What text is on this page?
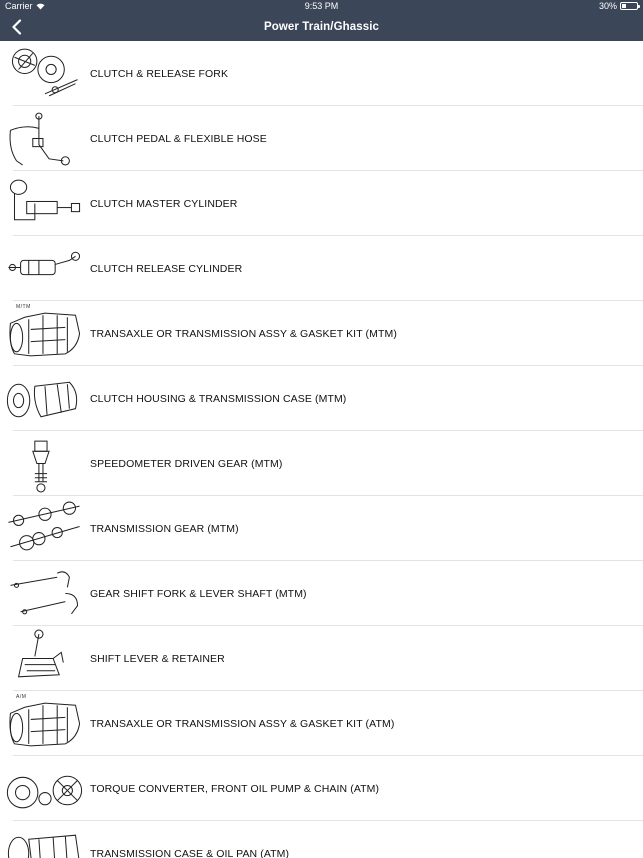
Carrier	9:53 PM	30%
Power Train/Ghassic
CLUTCH & RELEASE FORK
CLUTCH PEDAL & FLEXIBLE HOSE
CLUTCH MASTER CYLINDER
CLUTCH RELEASE CYLINDER
M/TM
TRANSAXLE OR TRANSMISSION ASSY & GASKET KIT (MTM)
CLUTCH HOUSING & TRANSMISSION CASE (MTM)
SPEEDOMETER DRIVEN GEAR (MTM)
TRANSMISSION GEAR (MTM)
GEAR SHIFT FORK & LEVER SHAFT (MTM)
SHIFT LEVER & RETAINER
A/M
TRANSAXLE OR TRANSMISSION ASSY & GASKET KIT (ATM)
TORQUE CONVERTER, FRONT OIL PUMP & CHAIN (ATM)
TRANSMISSION CASE & OIL PAN (ATM)
